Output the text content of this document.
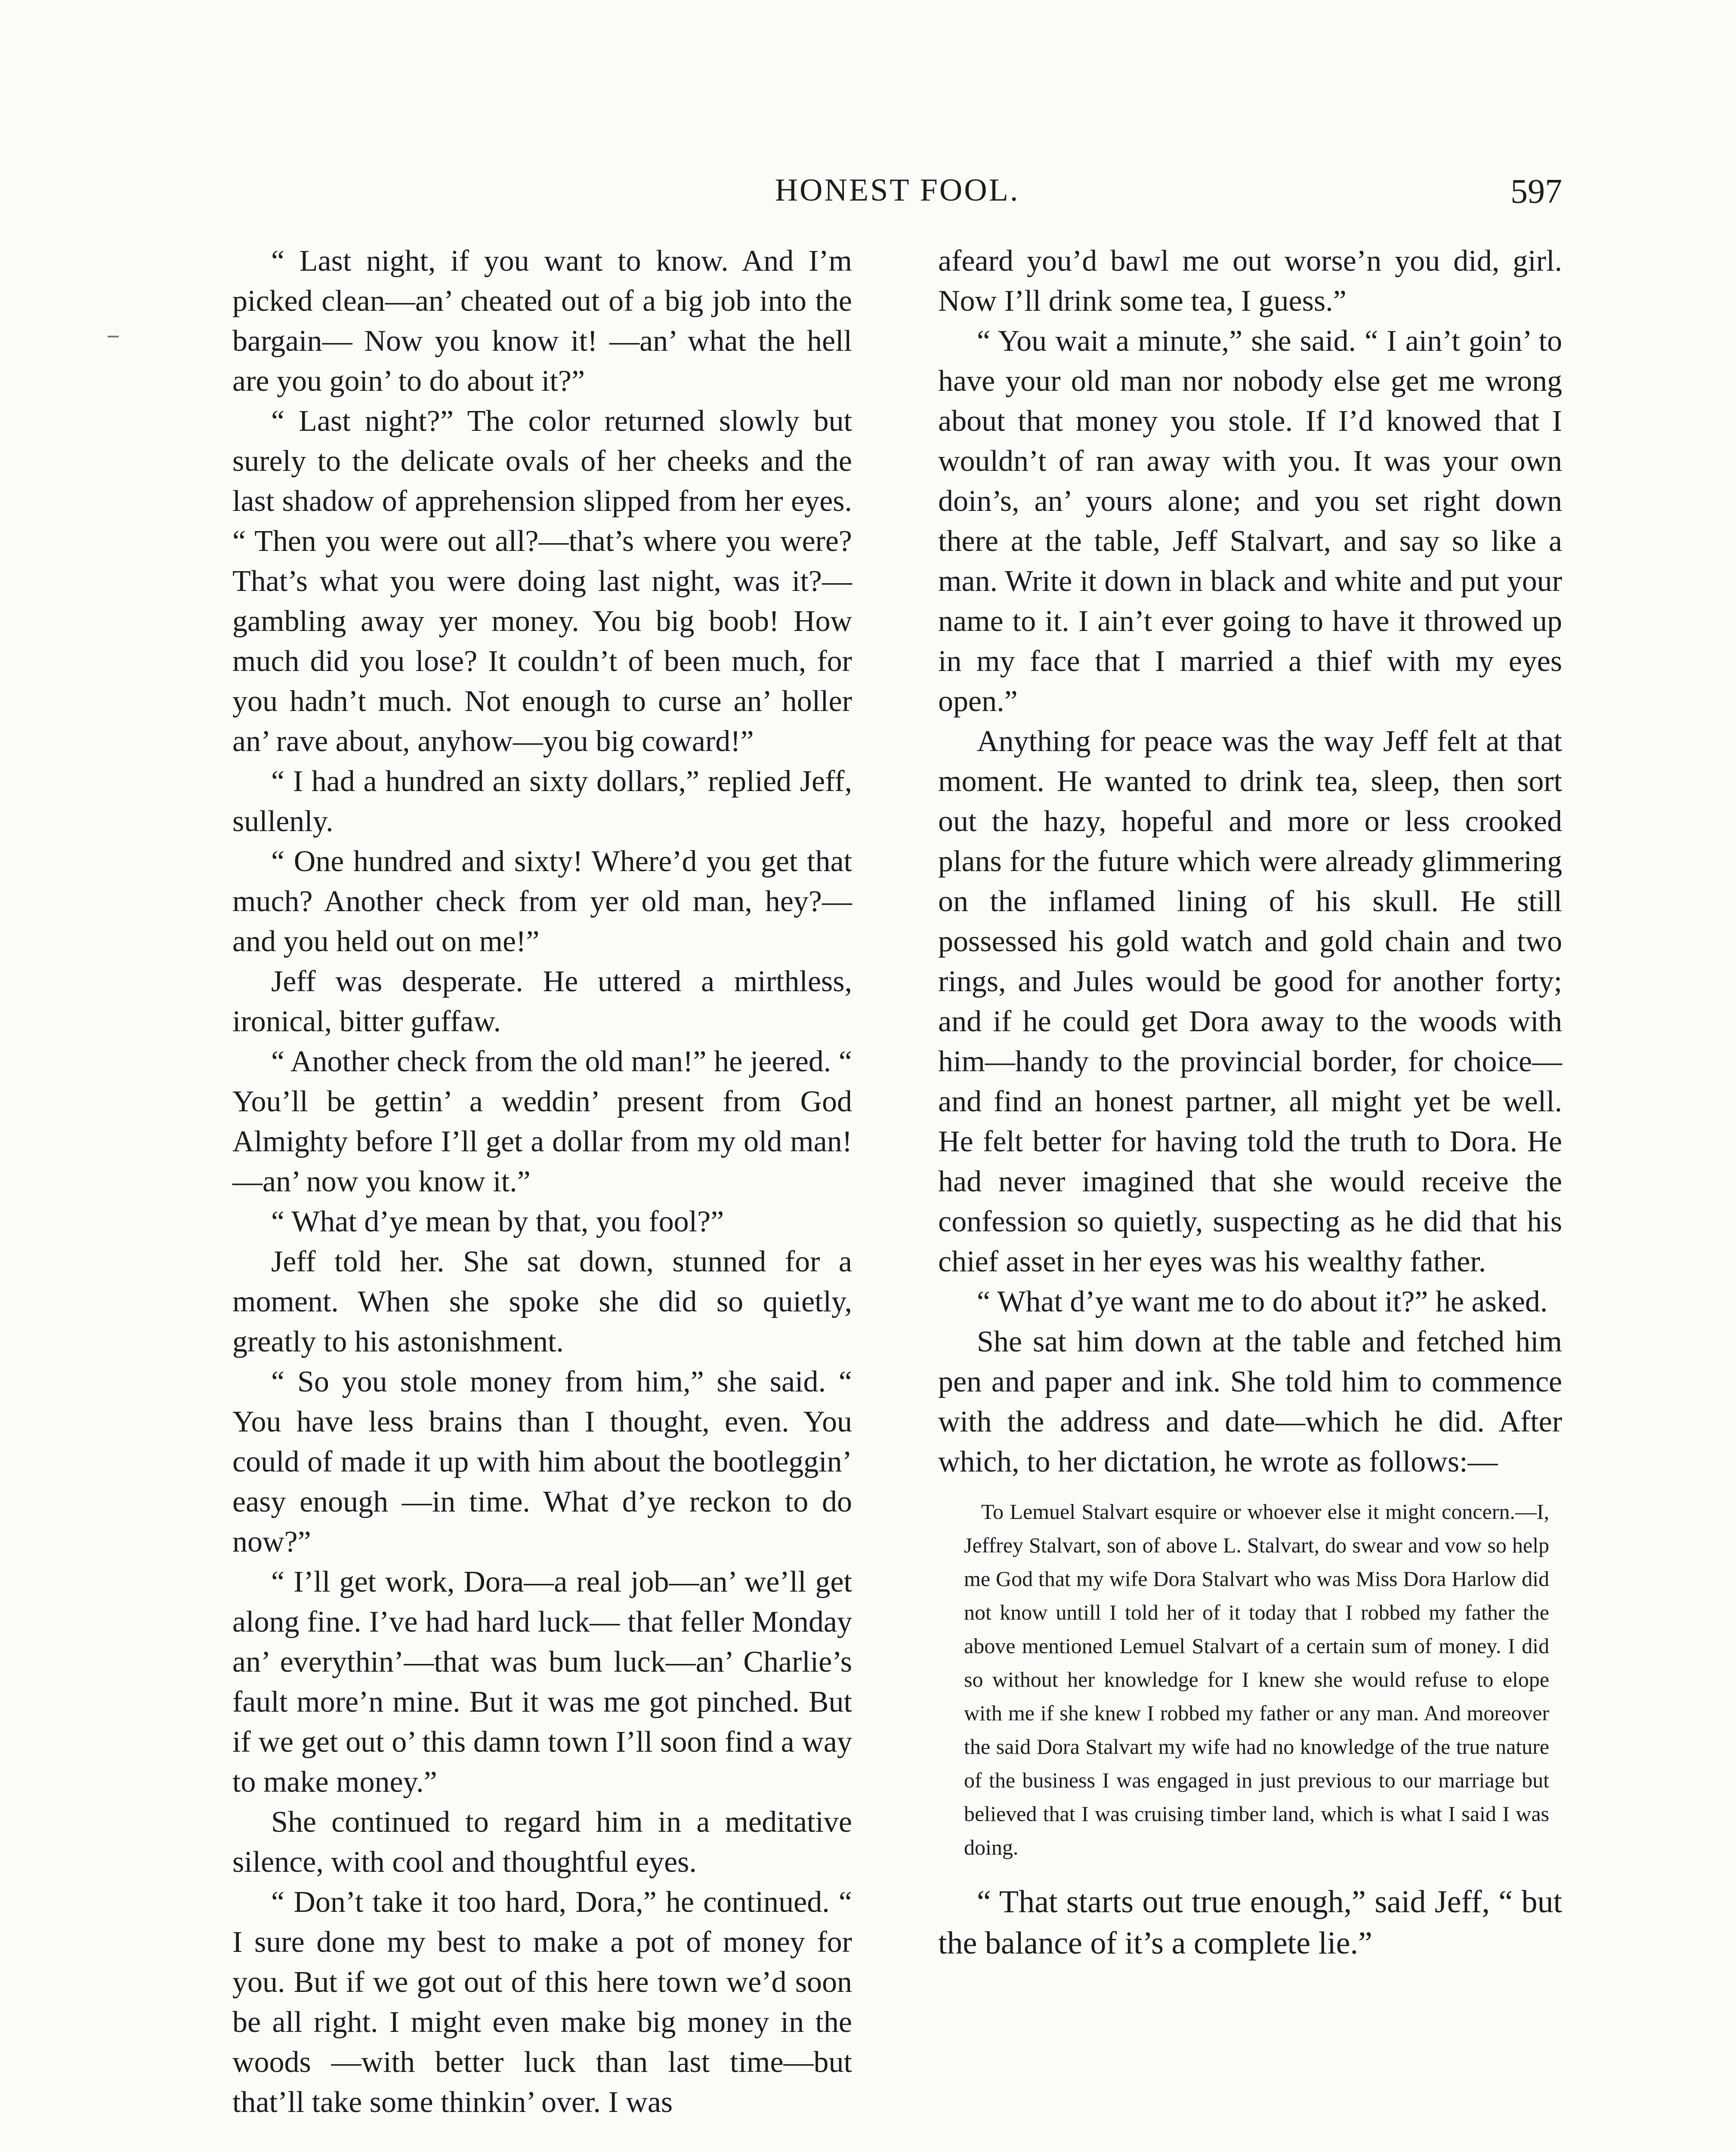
HONEST FOOL.	597

“ Last night, if you want to know. And I’m picked clean—an’ cheated out of a big job into the bargain— Now you know it! —an’ what the hell are you goin’ to do about it?”

“ Last night?” The color returned slowly but surely to the delicate ovals of her cheeks and the last shadow of apprehension slipped from her eyes. “ Then you were out all?—that’s where you were? That’s what you were doing last night, was it?—gambling away yer money. You big boob! How much did you lose? It couldn’t of been much, for you hadn’t much. Not enough to curse an’ holler an’ rave about, anyhow—you big coward!”

“ I had a hundred an sixty dollars,” replied Jeff, sullenly.

“ One hundred and sixty! Where’d you get that much? Another check from yer old man, hey?—and you held out on me!”

Jeff was desperate. He uttered a mirthless, ironical, bitter guffaw.

“ Another check from the old man!” he jeered. “ You’ll be gettin’ a weddin’ present from God Almighty before I’ll get a dollar from my old man!—an’ now you know it.”

“ What d’ye mean by that, you fool?”

Jeff told her. She sat down, stunned for a moment. When she spoke she did so quietly, greatly to his astonishment.

“ So you stole money from him,” she said. “ You have less brains than I thought, even. You could of made it up with him about the bootleggin’ easy enough —in time. What d’ye reckon to do now?”

“ I’ll get work, Dora—a real job—an’ we’ll get along fine. I’ve had hard luck— that feller Monday an’ everythin’—that was bum luck—an’ Charlie’s fault more’n mine. But it was me got pinched. But if we get out o’ this damn town I’ll soon find a way to make money.”

She continued to regard him in a meditative silence, with cool and thoughtful eyes.

“ Don’t take it too hard, Dora,” he continued. “ I sure done my best to make a pot of money for you. But if we got out of this here town we’d soon be all right. I might even make big money in the woods —with better luck than last time—but that’ll take some thinkin’ over. I was

afeard you’d bawl me out worse’n you did, girl. Now I’ll drink some tea, I guess.”

“ You wait a minute,” she said. “ I ain’t goin’ to have your old man nor nobody else get me wrong about that money you stole. If I’d knowed that I wouldn’t of ran away with you. It was your own doin’s, an’ yours alone; and you set right down there at the table, Jeff Stalvart, and say so like a man. Write it down in black and white and put your name to it. I ain’t ever going to have it throwed up in my face that I married a thief with my eyes open.”

Anything for peace was the way Jeff felt at that moment. He wanted to drink tea, sleep, then sort out the hazy, hopeful and more or less crooked plans for the future which were already glimmering on the inflamed lining of his skull. He still possessed his gold watch and gold chain and two rings, and Jules would be good for another forty; and if he could get Dora away to the woods with him—handy to the provincial border, for choice—and find an honest partner, all might yet be well. He felt better for having told the truth to Dora. He had never imagined that she would receive the confession so quietly, suspecting as he did that his chief asset in her eyes was his wealthy father.

“ What d’ye want me to do about it?” he asked.

She sat him down at the table and fetched him pen and paper and ink. She told him to commence with the address and date—which he did. After which, to her dictation, he wrote as follows:—

To Lemuel Stalvart esquire or whoever else it might concern.—I, Jeffrey Stalvart, son of above L. Stalvart, do swear and vow so help me God that my wife Dora Stalvart who was Miss Dora Harlow did not know untill I told her of it today that I robbed my father the above mentioned Lemuel Stalvart of a certain sum of money. I did so without her knowledge for I knew she would refuse to elope with me if she knew I robbed my father or any man. And moreover the said Dora Stalvart my wife had no knowledge of the true nature of the business I was engaged in just previous to our marriage but believed that I was cruising timber land, which is what I said I was doing.

“ That starts out true enough,” said Jeff, “ but the balance of it’s a complete lie.”
